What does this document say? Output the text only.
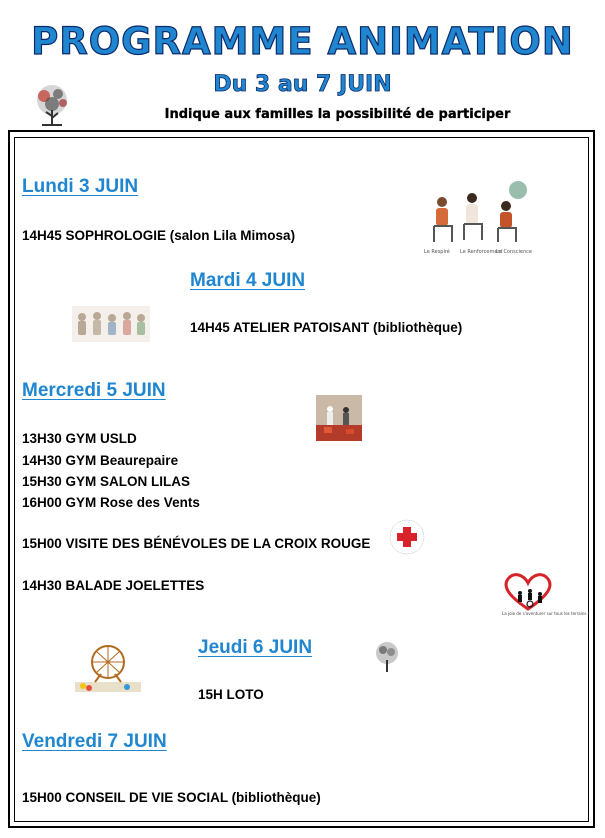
PROGRAMME ANIMATION
Du 3 au 7 JUIN
Indique aux familles la possibilité de participer
Lundi 3 JUIN
14H45 SOPHROLOGIE (salon Lila Mimosa)
Le Respiré Le Renforcement
La Conscience
Mardi 4 JUIN
14H45 ATELIER PATOISANT (bibliothèque)
Mercredi 5 JUIN
13H30 GYM USLD
14H30 GYM Beaurepaire
15H30 GYM SALON LILAS
16H00 GYM Rose des Vents
15H00 VISITE DES BÉNÉVOLES DE LA CROIX ROUGE
14H30 BALADE JOELETTES
La joie de s'aventurer sur tous les terrains !
Jeudi 6 JUIN
15H LOTO
Vendredi 7 JUIN
15H00 CONSEIL DE VIE SOCIAL (bibliothèque)
